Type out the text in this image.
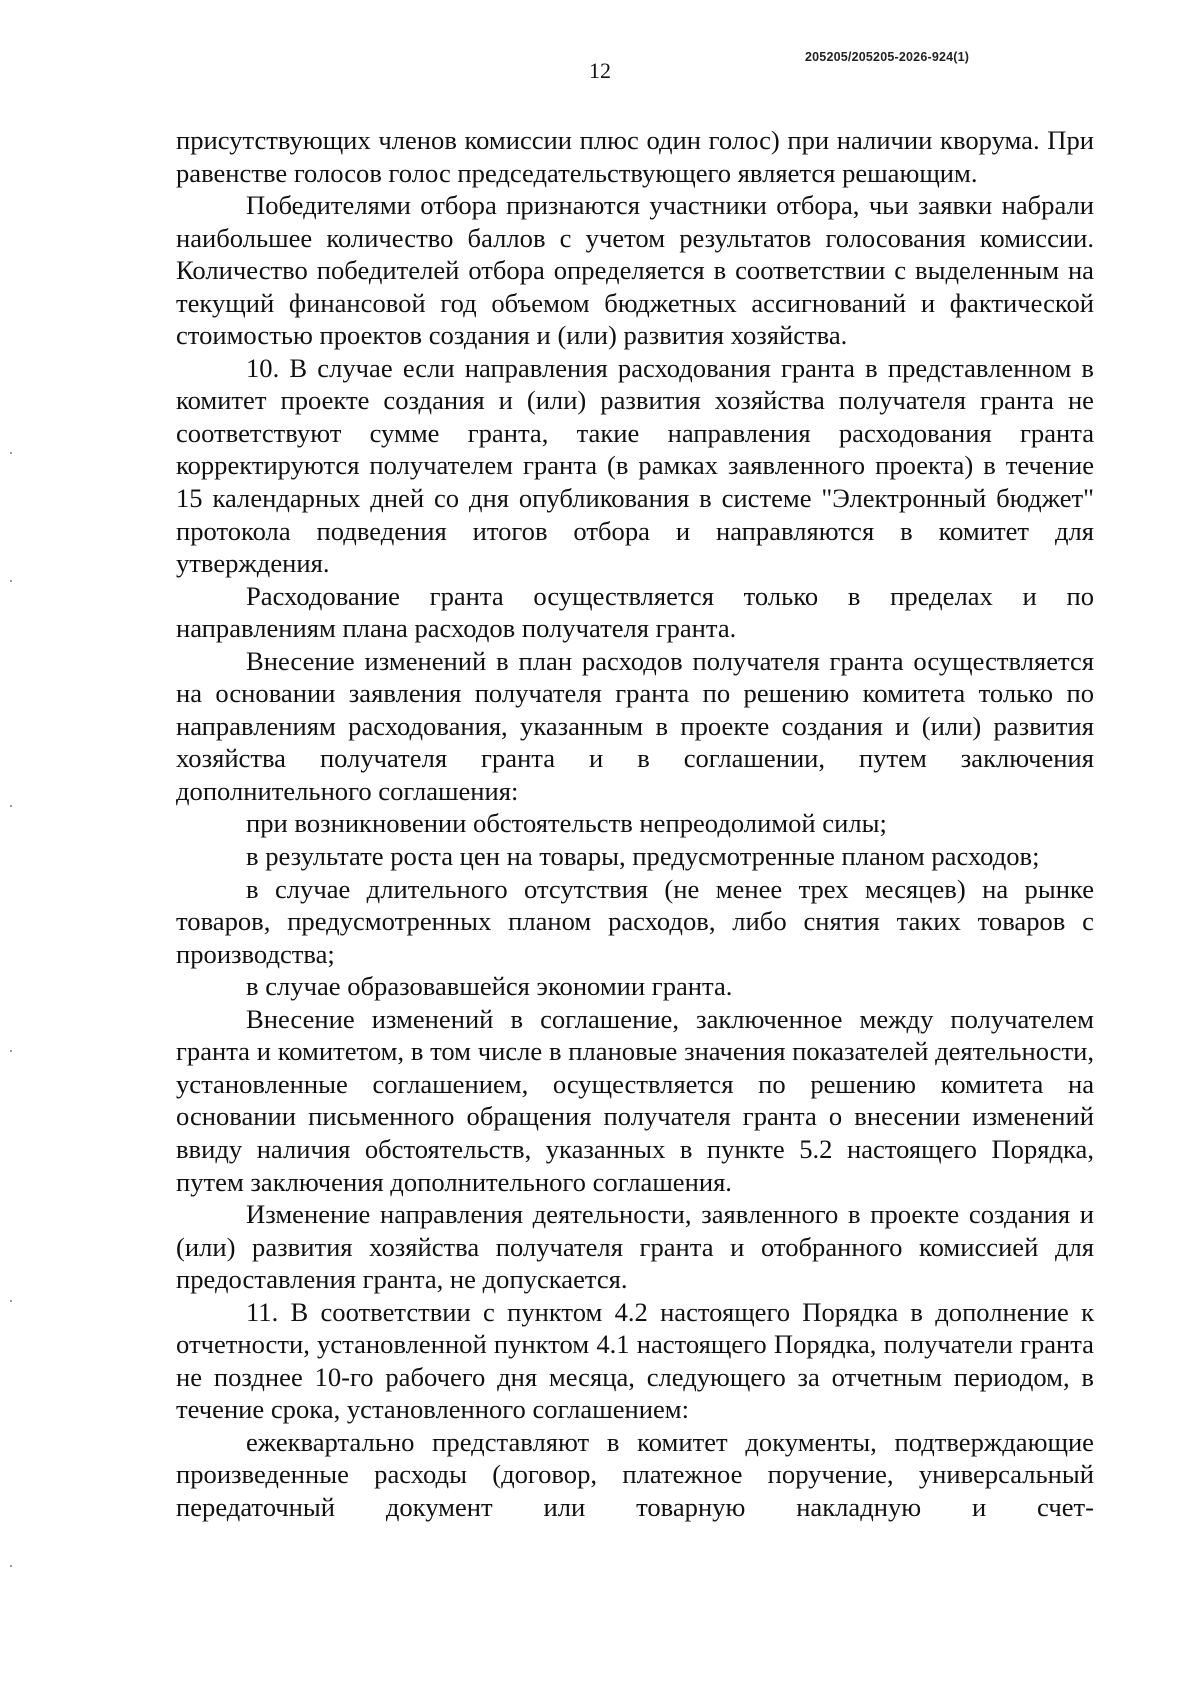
12
205205/205205-2026-924(1)

присутствующих членов комиссии плюс один голос) при наличии кворума. При равенстве голосов голос председательствующего является решающим.

Победителями отбора признаются участники отбора, чьи заявки набрали наибольшее количество баллов с учетом результатов голосования комиссии. Количество победителей отбора определяется в соответствии с выделенным на текущий финансовой год объемом бюджетных ассигнований и фактической стоимостью проектов создания и (или) развития хозяйства.

10. В случае если направления расходования гранта в представленном в комитет проекте создания и (или) развития хозяйства получателя гранта не соответствуют сумме гранта, такие направления расходования гранта корректируются получателем гранта (в рамках заявленного проекта) в течение 15 календарных дней со дня опубликования в системе "Электронный бюджет" протокола подведения итогов отбора и направляются в комитет для утверждения.

Расходование гранта осуществляется только в пределах и по направлениям плана расходов получателя гранта.

Внесение изменений в план расходов получателя гранта осуществляется на основании заявления получателя гранта по решению комитета только по направлениям расходования, указанным в проекте создания и (или) развития хозяйства получателя гранта и в соглашении, путем заключения дополнительного соглашения:

при возникновении обстоятельств непреодолимой силы;

в результате роста цен на товары, предусмотренные планом расходов;

в случае длительного отсутствия (не менее трех месяцев) на рынке товаров, предусмотренных планом расходов, либо снятия таких товаров с производства;

в случае образовавшейся экономии гранта.

Внесение изменений в соглашение, заключенное между получателем гранта и комитетом, в том числе в плановые значения показателей деятельности, установленные соглашением, осуществляется по решению комитета на основании письменного обращения получателя гранта о внесении изменений ввиду наличия обстоятельств, указанных в пункте 5.2 настоящего Порядка, путем заключения дополнительного соглашения.

Изменение направления деятельности, заявленного в проекте создания и (или) развития хозяйства получателя гранта и отобранного комиссией для предоставления гранта, не допускается.

11. В соответствии с пунктом 4.2 настоящего Порядка в дополнение к отчетности, установленной пунктом 4.1 настоящего Порядка, получатели гранта не позднее 10-го рабочего дня месяца, следующего за отчетным периодом, в течение срока, установленного соглашением:

ежеквартально представляют в комитет документы, подтверждающие произведенные расходы (договор, платежное поручение, универсальный передаточный документ или товарную накладную и счет-
